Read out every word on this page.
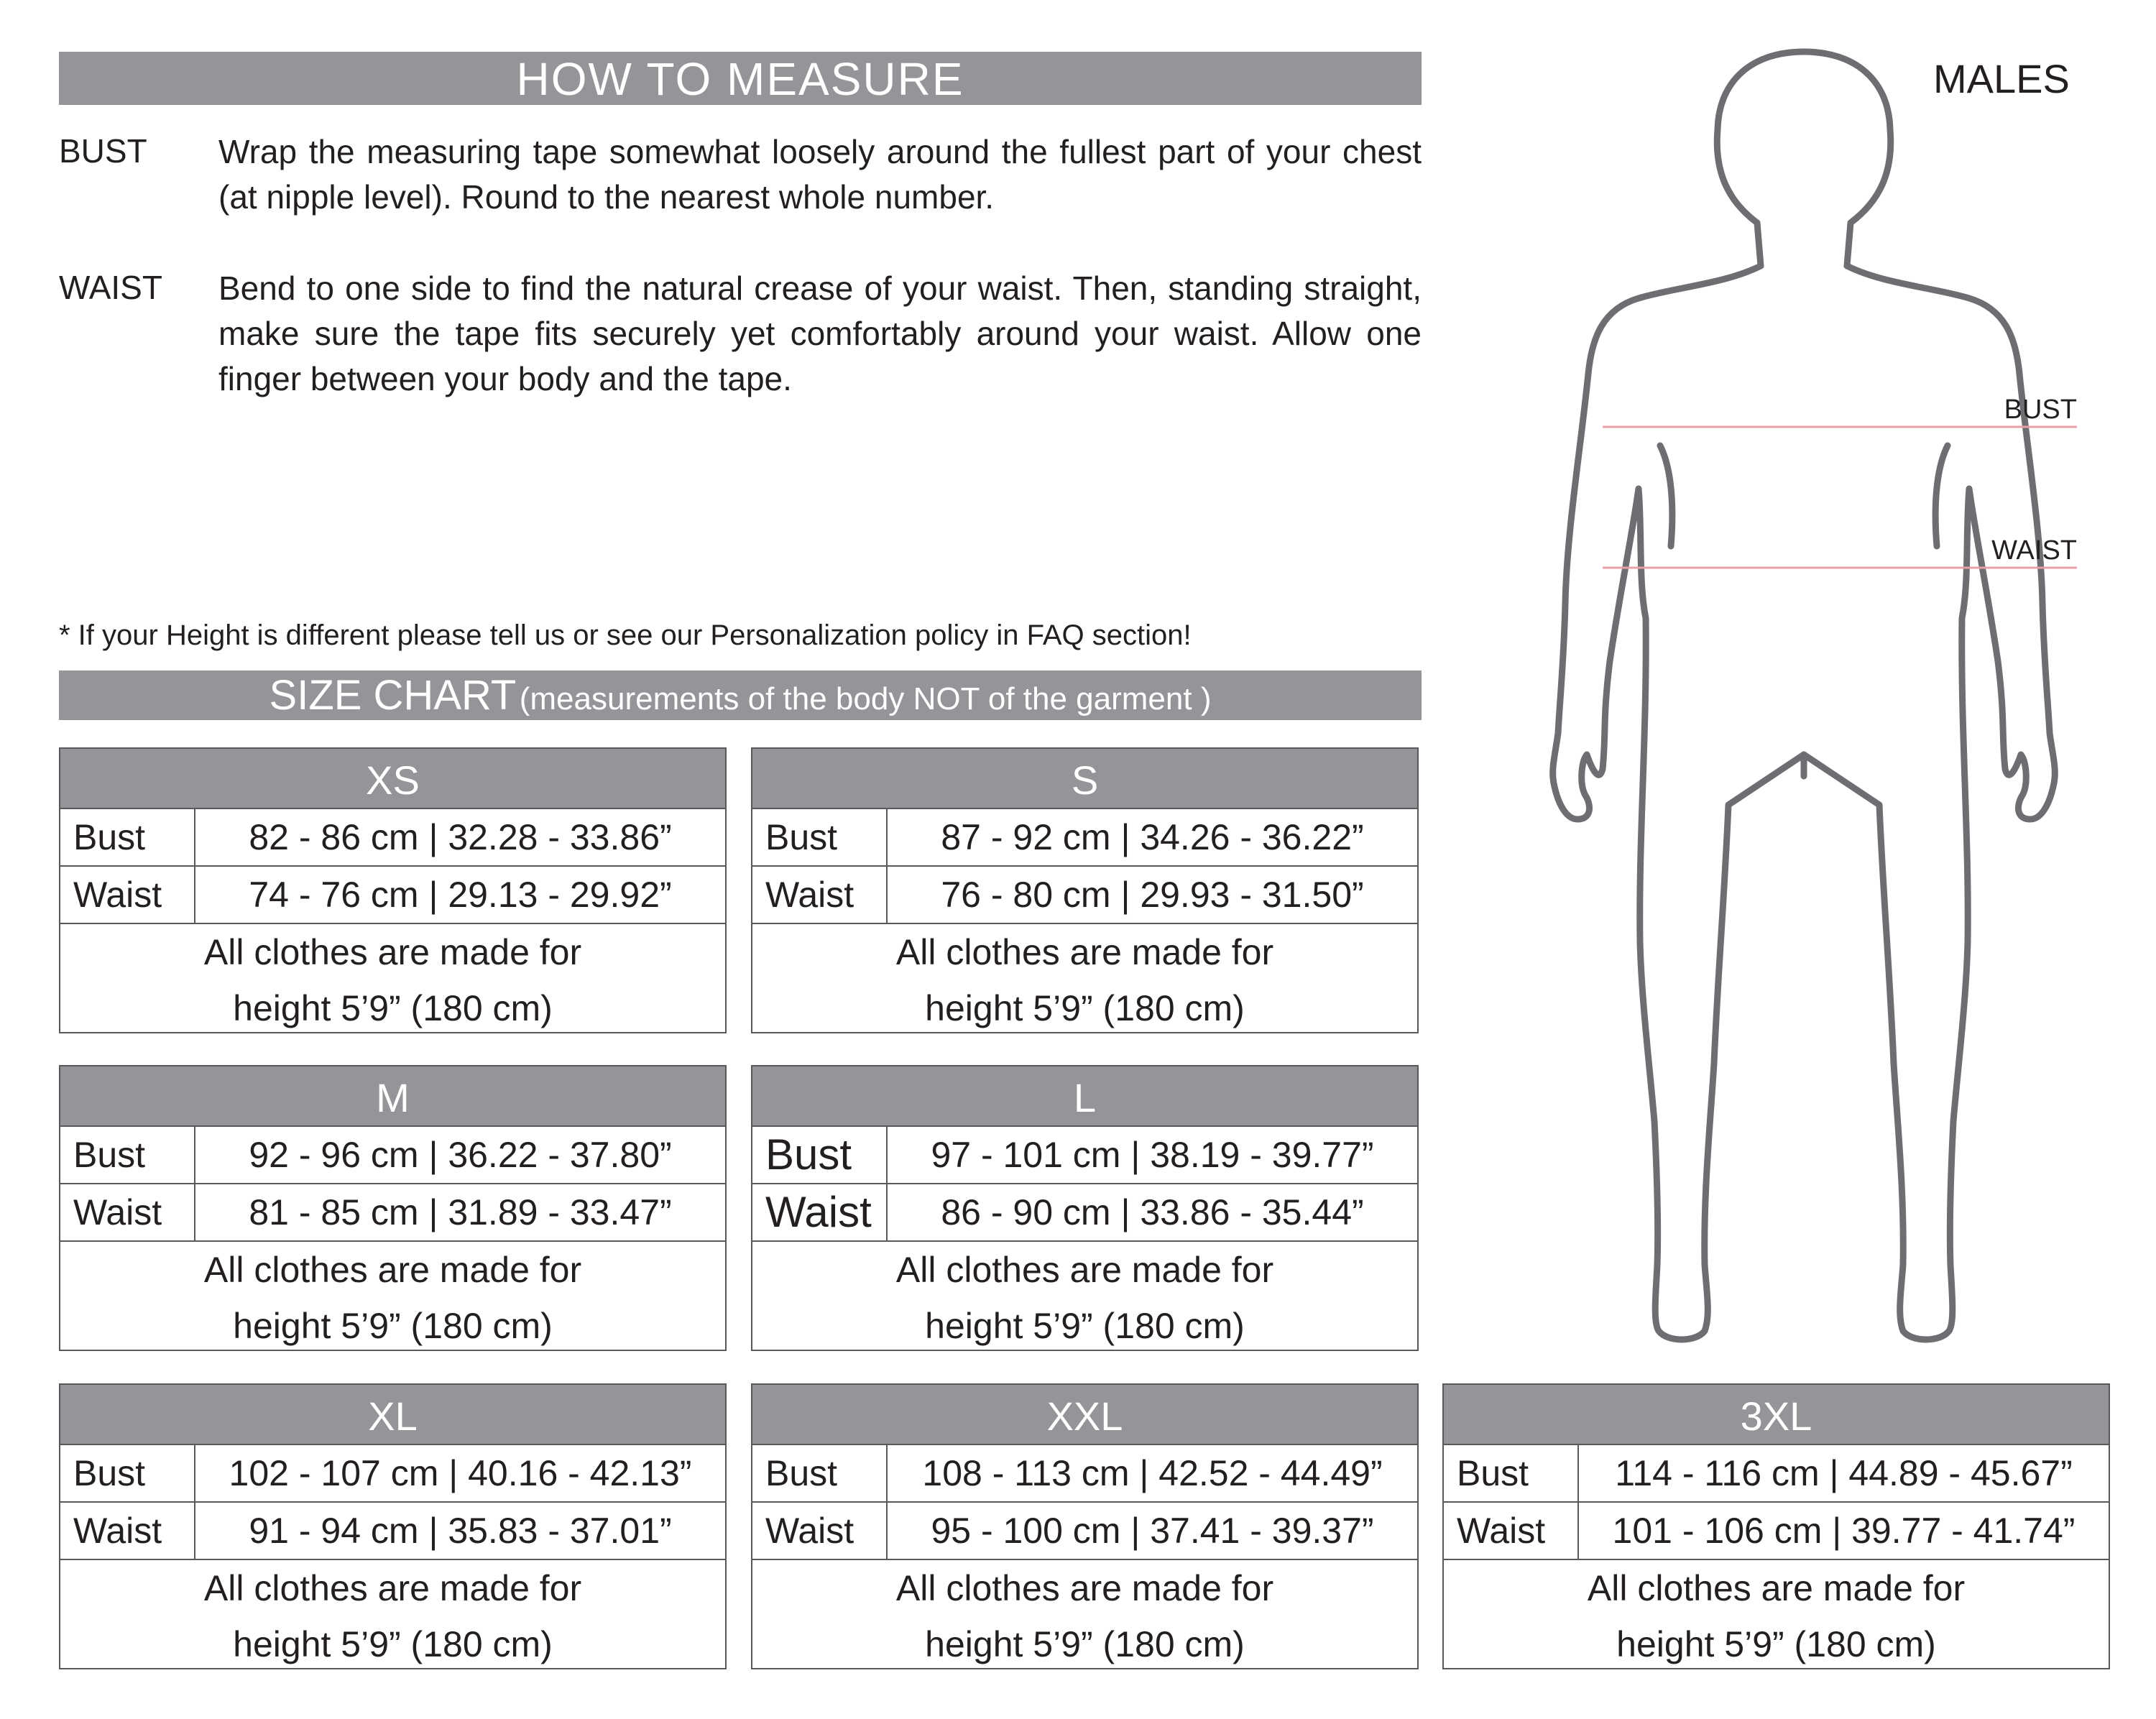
HOW TO MEASURE
BUST Wrap the measuring tape somewhat loosely around the fullest part of your chest (at nipple level). Round to the nearest whole number.
WAIST Bend to one side to find the natural crease of your waist. Then, standing straight, make sure the tape fits securely yet comfortably around your waist. Allow one finger between your body and the tape.
* If your Height is different please tell us or see our Personalization policy in FAQ section!
SIZE CHART (measurements of the body NOT of the garment )
MALES
BUST
WAIST
XS
Bust	82 - 86 cm | 32.28 - 33.86”
Waist	74 - 76 cm | 29.13 - 29.92”
All clothes are made for
height 5’9” (180 cm)
S
Bust	87 - 92 cm | 34.26 - 36.22”
Waist	76 - 80 cm | 29.93 - 31.50”
All clothes are made for
height 5’9” (180 cm)
M
Bust	92 - 96 cm | 36.22 - 37.80”
Waist	81 - 85 cm | 31.89 - 33.47”
All clothes are made for
height 5’9” (180 cm)
L
Bust	97 - 101 cm | 38.19 - 39.77”
Waist	86 - 90 cm | 33.86 - 35.44”
All clothes are made for
height 5’9” (180 cm)
XL
Bust	102 - 107 cm | 40.16 - 42.13”
Waist	91 - 94 cm | 35.83 - 37.01”
All clothes are made for
height 5’9” (180 cm)
XXL
Bust	108 - 113 cm | 42.52 - 44.49”
Waist	95 - 100 cm | 37.41 - 39.37”
All clothes are made for
height 5’9” (180 cm)
3XL
Bust	114 - 116 cm | 44.89 - 45.67”
Waist	101 - 106 cm | 39.77 - 41.74”
All clothes are made for
height 5’9” (180 cm)
